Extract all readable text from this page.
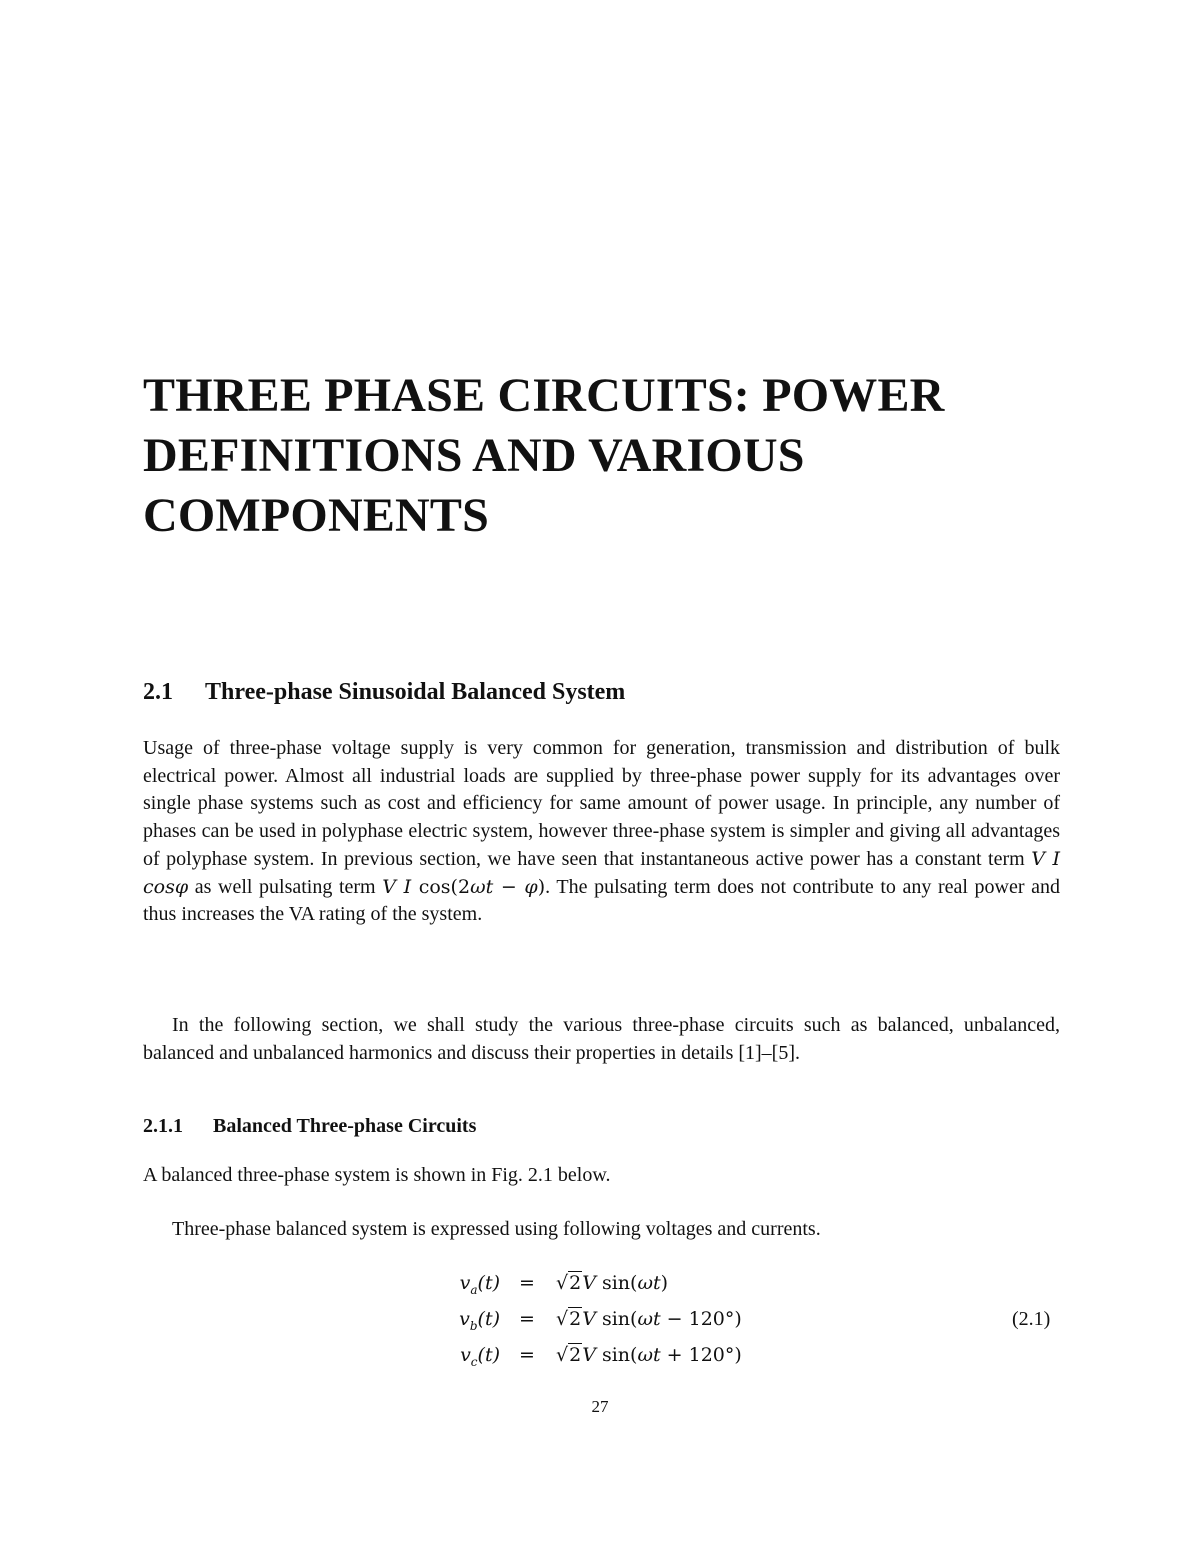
THREE PHASE CIRCUITS: POWER
DEFINITIONS AND VARIOUS
COMPONENTS
2.1 Three-phase Sinusoidal Balanced System

Usage of three-phase voltage supply is very common for generation, transmission and distribution of bulk electrical power. Almost all industrial loads are supplied by three-phase power supply for its advantages over single phase systems such as cost and efficiency for same amount of power usage. In principle, any number of phases can be used in polyphase electric system, however three-phase system is simpler and giving all advantages of polyphase system. In previous section, we have seen that instantaneous active power has a constant term V I cosφ as well pulsating term V I cos(2ωt − φ). The pulsating term does not contribute to any real power and thus increases the VA rating of the system.

In the following section, we shall study the various three-phase circuits such as balanced, unbalanced, balanced and unbalanced harmonics and discuss their properties in details [1]–[5].

2.1.1 Balanced Three-phase Circuits

A balanced three-phase system is shown in Fig. 2.1 below.

Three-phase balanced system is expressed using following voltages and currents.

$v_a(t)$	=	√2V sin(ωt)
$v_b(t)$	=	√2V sin(ωt − 120°)
$v_c(t)$	=	√2V sin(ωt + 120°)
(2.1)
27
